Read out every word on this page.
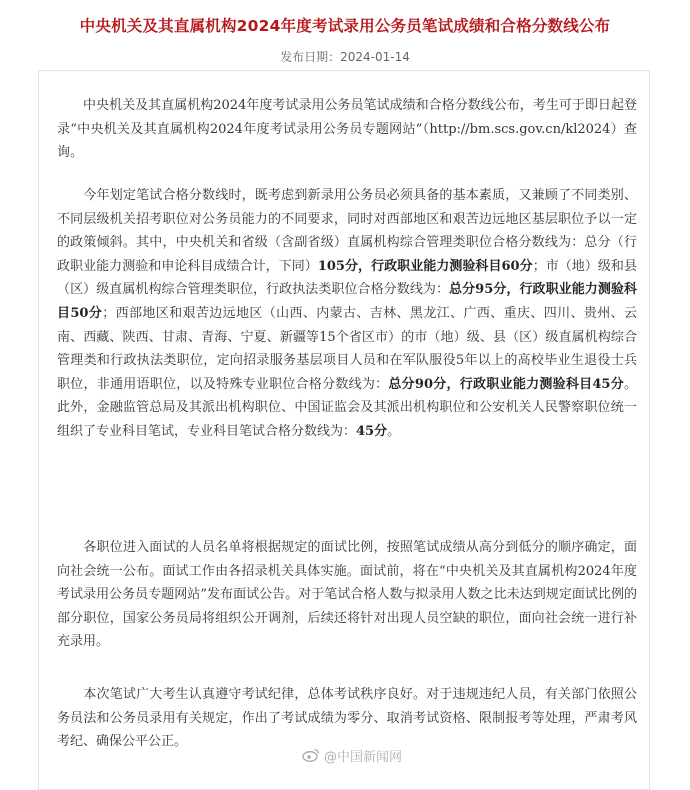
中央机关及其直属机构2024年度考试录用公务员笔试成绩和合格分数线公布
发布日期：2024-01-14

　　中央机关及其直属机构2024年度考试录用公务员笔试成绩和合格分数线公布，考生可于即日起登录“中央机关及其直属机构2024年度考试录用公务员专题网站”（http://bm.scs.gov.cn/kl2024）查询。

　　今年划定笔试合格分数线时，既考虑到新录用公务员必须具备的基本素质，又兼顾了不同类别、不同层级机关招考职位对公务员能力的不同要求，同时对西部地区和艰苦边远地区基层职位予以一定的政策倾斜。其中，中央机关和省级（含副省级）直属机构综合管理类职位合格分数线为：总分（行政职业能力测验和申论科目成绩合计，下同）105分，行政职业能力测验科目60分；市（地）级和县（区）级直属机构综合管理类职位，行政执法类职位合格分数线为：总分95分，行政职业能力测验科目50分；西部地区和艰苦边远地区（山西、内蒙古、吉林、黑龙江、广西、重庆、四川、贵州、云南、西藏、陕西、甘肃、青海、宁夏、新疆等15个省区市）的市（地）级、县（区）级直属机构综合管理类和行政执法类职位，定向招录服务基层项目人员和在军队服役5年以上的高校毕业生退役士兵职位，非通用语职位，以及特殊专业职位合格分数线为：总分90分，行政职业能力测验科目45分。此外，金融监管总局及其派出机构职位、中国证监会及其派出机构职位和公安机关人民警察职位统一组织了专业科目笔试，专业科目笔试合格分数线为：45分。

　　各职位进入面试的人员名单将根据规定的面试比例，按照笔试成绩从高分到低分的顺序确定，面向社会统一公布。面试工作由各招录机关具体实施。面试前，将在“中央机关及其直属机构2024年度考试录用公务员专题网站”发布面试公告。对于笔试合格人数与拟录用人数之比未达到规定面试比例的部分职位，国家公务员局将组织公开调剂，后续还将针对出现人员空缺的职位，面向社会统一进行补充录用。

　　本次笔试广大考生认真遵守考试纪律，总体考试秩序良好。对于违规违纪人员，有关部门依照公务员法和公务员录用有关规定，作出了考试成绩为零分、取消考试资格、限制报考等处理，严肃考风考纪、确保公平公正。

@中国新闻网
